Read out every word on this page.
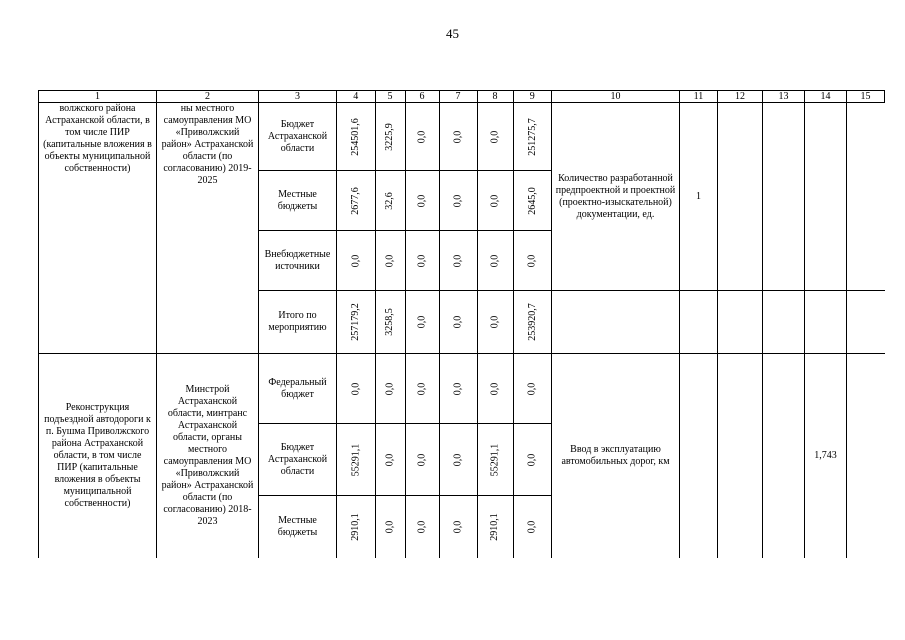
45
1	2	3	4	5	6	7	8	9	10	11	12	13	14	15

волжского района Астраханской области, в том числе ПИР (капитальные вложения в объекты муниципальной собственности)	ны местного самоуправления МО «Приволжский район» Астраханской области (по согласованию) 2019-2025	Бюджет Астраханской области	254501,6	3225,9	0,0	0,0	0,0	251275,7	Количество разработанной предпроектной и проектной (проектно-изыскательной) документации, ед.	1				

		Местные бюджеты	2677,6	32,6	0,0	0,0	0,0	2645,0						

		Внебюджетные источники	0,0	0,0	0,0	0,0	0,0	0,0						

		Итого по мероприятию	257179,2	3258,5	0,0	0,0	0,0	253920,7						

Реконструкция подъездной автодороги к п. Бушма Приволжского района Астраханской области, в том числе ПИР (капитальные вложения в объекты муниципальной собственности)	Минстрой Астраханской области, минтранс Астраханской области, органы местного самоуправления МО «Приволжский район» Астраханской области (по согласованию) 2018-2023	Федеральный бюджет	0,0	0,0	0,0	0,0	0,0	0,0	Ввод в эксплуатацию автомобильных дорог, км				1,743	

		Бюджет Астраханской области	55291,1	0,0	0,0	0,0	55291,1	0,0						

		Местные бюджеты	2910,1	0,0	0,0	0,0	2910,1	0,0						
